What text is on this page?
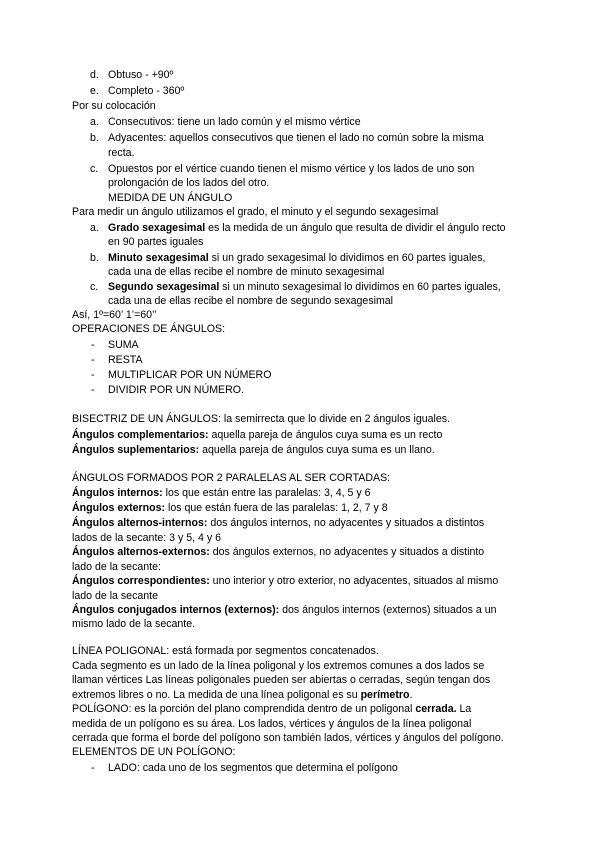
d. Obtuso - +90º
e. Completo - 360º
Por su colocación
a. Consecutivos: tiene un lado común y el mismo vértice
b. Adyacentes: aquellos consecutivos que tienen el lado no común sobre la misma
recta.
c. Opuestos por el vértice cuando tienen el mismo vértice y los lados de uno son
prolongación de los lados del otro.
MEDIDA DE UN ÁNGULO
Para medir un ángulo utilizamos el grado, el minuto y el segundo sexagesimal
a. Grado sexagesimal es la medida de un ángulo que resulta de dividir el ángulo recto
en 90 partes iguales
b. Minuto sexagesimal si un grado sexagesimal lo dividimos en 60 partes iguales,
cada una de ellas recibe el nombre de minuto sexagesimal
c. Segundo sexagesimal si un minuto sexagesimal lo dividimos en 60 partes iguales,
cada una de ellas recibe el nombre de segundo sexagesimal
Así, 1º=60’ 1’=60’’
OPERACIONES DE ÁNGULOS:
- SUMA
- RESTA
- MULTIPLICAR POR UN NÚMERO
- DIVIDIR POR UN NÚMERO.
BISECTRIZ DE UN ÁNGULOS: la semirrecta que lo divide en 2 ángulos iguales.
Ángulos complementarios: aquella pareja de ángulos cuya suma es un recto
Ángulos suplementarios: aquella pareja de ángulos cuya suma es un llano.
ÁNGULOS FORMADOS POR 2 PARALELAS AL SER CORTADAS:
Ángulos internos: los que están entre las paralelas: 3, 4, 5 y 6
Ángulos externos: los que están fuera de las paralelas: 1, 2, 7 y 8
Ángulos alternos-internos: dos ángulos internos, no adyacentes y situados a distintos
lados de la secante: 3 y 5, 4 y 6
Ángulos alternos-externos: dos ángulos externos, no adyacentes y situados a distinto
lado de la secante:
Ángulos correspondientes: uno interior y otro exterior, no adyacentes, situados al mismo
lado de la secante
Ángulos conjugados internos (externos): dos ángulos internos (externos) situados a un
mismo lado de la secante.
LÍNEA POLIGONAL: está formada por segmentos concatenados.
Cada segmento es un lado de la línea poligonal y los extremos comunes a dos lados se
llaman vértices Las líneas poligonales pueden ser abiertas o cerradas, según tengan dos
extremos libres o no. La medida de una línea poligonal es su perímetro.
POLÍGONO: es la porción del plano comprendida dentro de un poligonal cerrada. La
medida de un polígono es su área. Los lados, vértices y ángulos de la línea poligonal
cerrada que forma el borde del polígono son también lados, vértices y ángulos del polígono.
ELEMENTOS DE UN POLÍGONO:
- LADO: cada uno de los segmentos que determina el polígono
